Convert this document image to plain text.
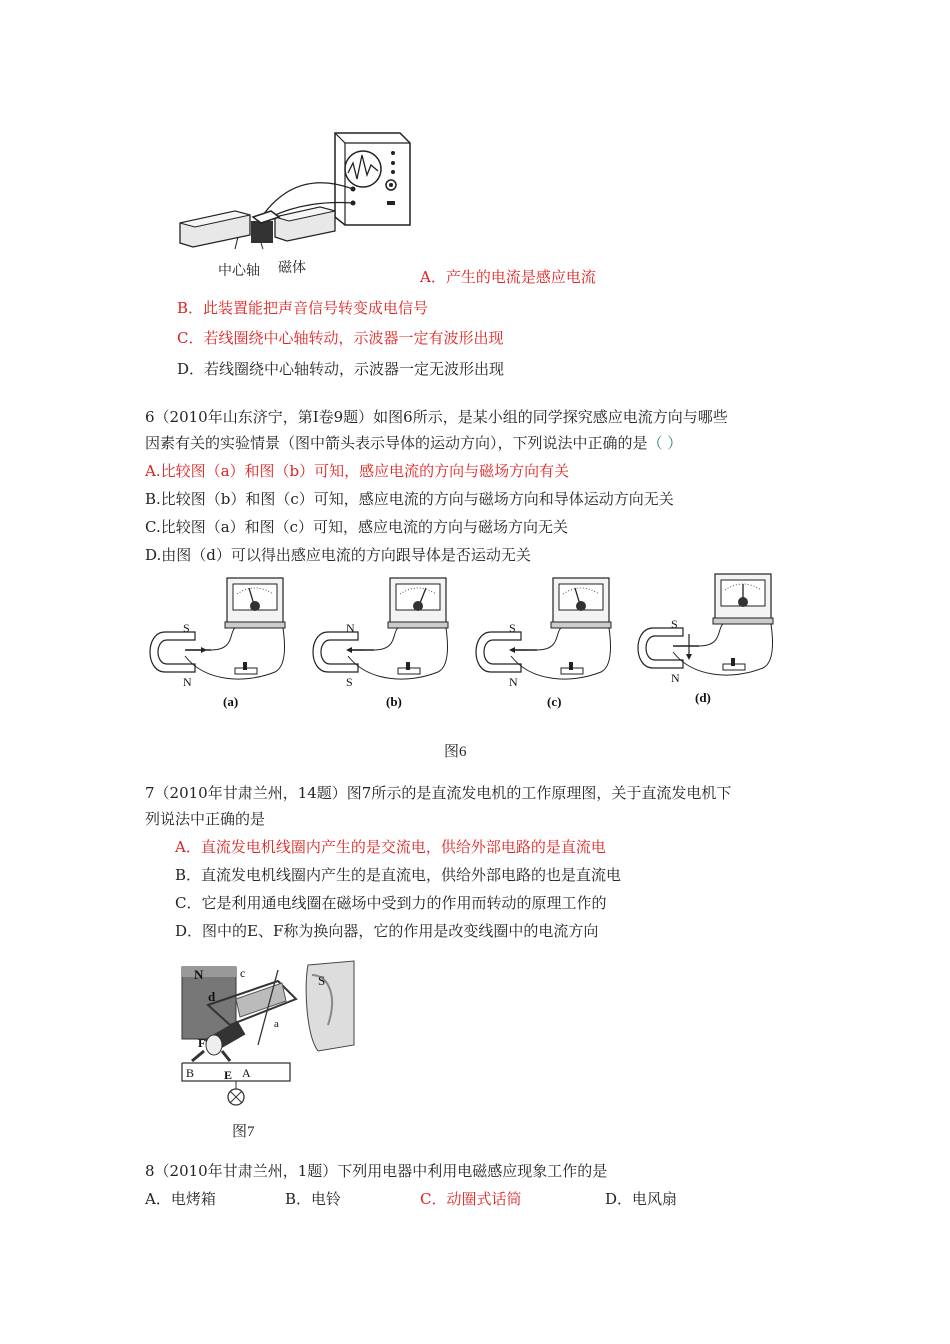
中心轴 磁体	A．产生的电流是感应电流
B．此装置能把声音信号转变成电信号
C．若线圈绕中心轴转动，示波器一定有波形出现
D．若线圈绕中心轴转动，示波器一定无波形出现
6（2010年山东济宁，第Ⅰ卷9题）如图6所示，是某小组的同学探究感应电流方向与哪些
因素有关的实验情景（图中箭头表示导体的运动方向），下列说法中正确的是（ ）
A.比较图（a）和图（b）可知，感应电流的方向与磁场方向有关
B.比较图（b）和图（c）可知，感应电流的方向与磁场方向和导体运动方向无关
C.比较图（a）和图（c）可知，感应电流的方向与磁场方向无关
D.由图（d）可以得出感应电流的方向跟导体是否运动无关
S
N
(a)
N
S
(b)
S
N
(c)
S
N
(d)
图6
7（2010年甘肃兰州，14题）图7所示的是直流发电机的工作原理图，关于直流发电机下
列说法中正确的是
A．直流发电机线圈内产生的是交流电，供给外部电路的是直流电
B．直流发电机线圈内产生的是直流电，供给外部电路的也是直流电
C．它是利用通电线圈在磁场中受到力的作用而转动的原理工作的
D．图中的E、F称为换向器，它的作用是改变线圈中的电流方向
N	S
c
d
a
F
B E A
图7
8（2010年甘肃兰州，1题）下列用电器中利用电磁感应现象工作的是
A．电烤箱	B．电铃	C．动圈式话筒	D．电风扇
